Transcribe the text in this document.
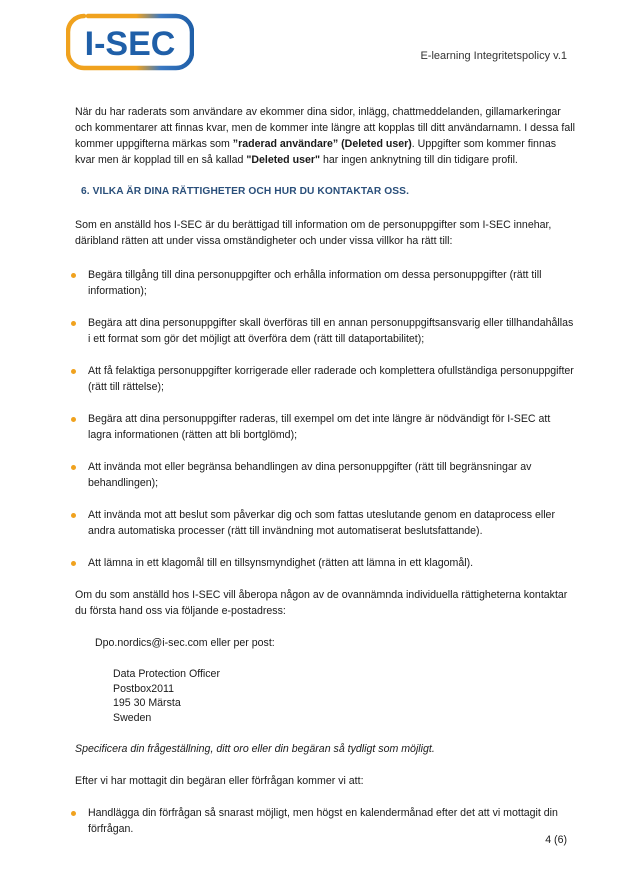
I-SEC	E-learning Integritetspolicy v.1

När du har raderats som användare av ekommer dina sidor, inlägg, chattmeddelanden, gillamarkeringar och kommentarer att finnas kvar, men de kommer inte längre att kopplas till ditt användarnamn. I dessa fall kommer uppgifterna märkas som ”raderad användare” (Deleted user). Uppgifter som kommer finnas kvar men är kopplad till en så kallad "Deleted user" har ingen anknytning till din tidigare profil.

6. VILKA ÄR DINA RÄTTIGHETER OCH HUR DU KONTAKTAR OSS.

Som en anställd hos I-SEC är du berättigad till information om de personuppgifter som I-SEC innehar, däribland rätten att under vissa omständigheter och under vissa villkor ha rätt till:

Begära tillgång till dina personuppgifter och erhålla information om dessa personuppgifter (rätt till information);
Begära att dina personuppgifter skall överföras till en annan personuppgiftsansvarig eller tillhandahållas i ett format som gör det möjligt att överföra dem (rätt till dataportabilitet);
Att få felaktiga personuppgifter korrigerade eller raderade och komplettera ofullständiga personuppgifter (rätt till rättelse);
Begära att dina personuppgifter raderas, till exempel om det inte längre är nödvändigt för I-SEC att lagra informationen (rätten att bli bortglömd);
Att invända mot eller begränsa behandlingen av dina personuppgifter (rätt till begränsningar av behandlingen);
Att invända mot att beslut som påverkar dig och som fattas uteslutande genom en dataprocess eller andra automatiska processer (rätt till invändning mot automatiserat beslutsfattande).
Att lämna in ett klagomål till en tillsynsmyndighet (rätten att lämna in ett klagomål).

Om du som anställd hos I-SEC vill åberopa någon av de ovannämnda individuella rättigheterna kontaktar du första hand oss via följande e-postadress:

Dpo.nordics@i-sec.com eller per post:

Data Protection Officer
Postbox2011
195 30 Märsta
Sweden

Specificera din frågeställning, ditt oro eller din begäran så tydligt som möjligt.

Efter vi har mottagit din begäran eller förfrågan kommer vi att:

Handlägga din förfrågan så snarast möjligt, men högst en kalendermånad efter det att vi mottagit din förfrågan.
4 (6)
